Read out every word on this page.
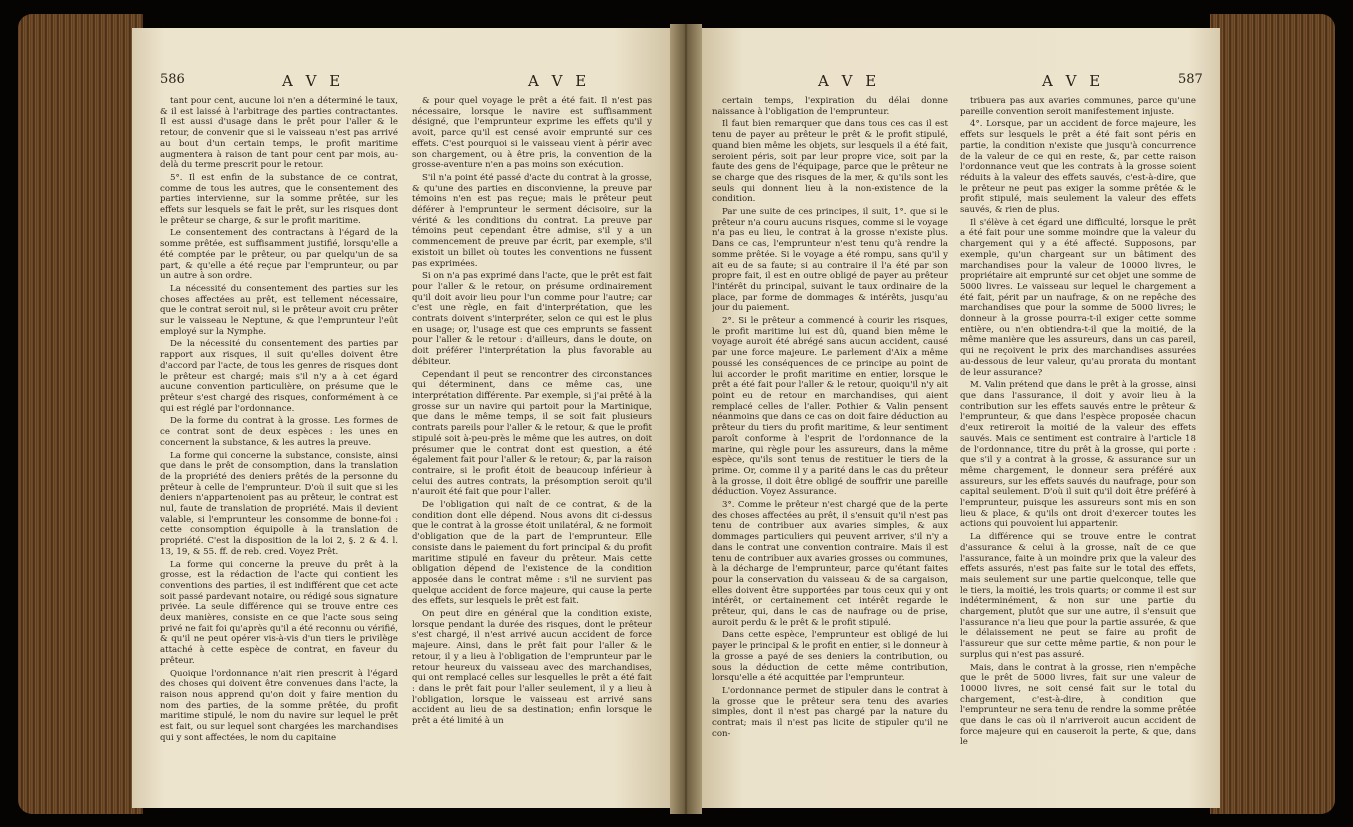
586	A V E	A V E

tant pour cent, aucune loi n'en a déterminé le taux, & il est laissé à l'arbitrage des parties contractantes. Il est aussi d'usage dans le prêt pour l'aller & le retour, de convenir que si le vaisseau n'est pas arrivé au bout d'un certain temps, le profit maritime augmentera à raison de tant pour cent par mois, au-delà du terme prescrit pour le retour.

5°. Il est enfin de la substance de ce contrat, comme de tous les autres, que le consentement des parties intervienne, sur la somme prêtée, sur les effets sur lesquels se fait le prêt, sur les risques dont le prêteur se charge, & sur le profit maritime.

Le consentement des contractans à l'égard de la somme prêtée, est suffisamment justifié, lorsqu'elle a été comptée par le prêteur, ou par quelqu'un de sa part, & qu'elle a été reçue par l'emprunteur, ou par un autre à son ordre.

La nécessité du consentement des parties sur les choses affectées au prêt, est tellement nécessaire, que le contrat seroit nul, si le prêteur avoit cru prêter sur le vaisseau le Neptune, & que l'emprunteur l'eût employé sur la Nymphe.

De la nécessité du consentement des parties par rapport aux risques, il suit qu'elles doivent être d'accord par l'acte, de tous les genres de risques dont le prêteur est chargé; mais s'il n'y a à cet égard aucune convention particulière, on présume que le prêteur s'est chargé des risques, conformément à ce qui est réglé par l'ordonnance.

De la forme du contrat à la grosse. Les formes de ce contrat sont de deux espèces : les unes en concernent la substance, & les autres la preuve.

La forme qui concerne la substance, consiste, ainsi que dans le prêt de consomption, dans la translation de la propriété des deniers prêtés de la personne du prêteur à celle de l'emprunteur. D'où il suit que si les deniers n'appartenoient pas au prêteur, le contrat est nul, faute de translation de propriété. Mais il devient valable, si l'emprunteur les consomme de bonne-foi : cette consomption équipolle à la translation de propriété. C'est la disposition de la loi 2, §. 2 & 4. l. 13, 19, & 55. ff. de reb. cred. Voyez Prêt.

La forme qui concerne la preuve du prêt à la grosse, est la rédaction de l'acte qui contient les conventions des parties, il est indifférent que cet acte soit passé pardevant notaire, ou rédigé sous signature privée. La seule différence qui se trouve entre ces deux manières, consiste en ce que l'acte sous seing privé ne fait foi qu'après qu'il a été reconnu ou vérifié, & qu'il ne peut opérer vis-à-vis d'un tiers le privilège attaché à cette espèce de contrat, en faveur du prêteur.

Quoique l'ordonnance n'ait rien prescrit à l'égard des choses qui doivent être convenues dans l'acte, la raison nous apprend qu'on doit y faire mention du nom des parties, de la somme prêtée, du profit maritime stipulé, le nom du navire sur lequel le prêt est fait, ou sur lequel sont chargées les marchandises qui y sont affectées, le nom du capitaine

& pour quel voyage le prêt a été fait. Il n'est pas nécessaire, lorsque le navire est suffisamment désigné, que l'emprunteur exprime les effets qu'il y avoit, parce qu'il est censé avoir emprunté sur ces effets. C'est pourquoi si le vaisseau vient à périr avec son chargement, ou à être pris, la convention de la grosse-aventure n'en a pas moins son exécution.

S'il n'a point été passé d'acte du contrat à la grosse, & qu'une des parties en disconvienne, la preuve par témoins n'en est pas reçue; mais le prêteur peut déférer à l'emprunteur le serment décisoire, sur la vérité & les conditions du contrat. La preuve par témoins peut cependant être admise, s'il y a un commencement de preuve par écrit, par exemple, s'il existoit un billet où toutes les conventions ne fussent pas exprimées.

Si on n'a pas exprimé dans l'acte, que le prêt est fait pour l'aller & le retour, on présume ordinairement qu'il doit avoir lieu pour l'un comme pour l'autre; car c'est une règle, en fait d'interprétation, que les contrats doivent s'interpréter, selon ce qui est le plus en usage; or, l'usage est que ces emprunts se fassent pour l'aller & le retour : d'ailleurs, dans le doute, on doit préférer l'interprétation la plus favorable au débiteur.

Cependant il peut se rencontrer des circonstances qui déterminent, dans ce même cas, une interprétation différente. Par exemple, si j'ai prêté à la grosse sur un navire qui partoit pour la Martinique, que dans le même temps, il se soit fait plusieurs contrats pareils pour l'aller & le retour, & que le profit stipulé soit à-peu-près le même que les autres, on doit présumer que le contrat dont est question, a été également fait pour l'aller & le retour; &, par la raison contraire, si le profit étoit de beaucoup inférieur à celui des autres contrats, la présomption seroit qu'il n'auroit été fait que pour l'aller.

De l'obligation qui naît de ce contrat, & de la condition dont elle dépend. Nous avons dit ci-dessus que le contrat à la grosse étoit unilatéral, & ne formoit d'obligation que de la part de l'emprunteur. Elle consiste dans le paiement du fort principal & du profit maritime stipulé en faveur du prêteur. Mais cette obligation dépend de l'existence de la condition apposée dans le contrat même : s'il ne survient pas quelque accident de force majeure, qui cause la perte des effets, sur lesquels le prêt est fait.

On peut dire en général que la condition existe, lorsque pendant la durée des risques, dont le prêteur s'est chargé, il n'est arrivé aucun accident de force majeure. Ainsi, dans le prêt fait pour l'aller & le retour, il y a lieu à l'obligation de l'emprunteur par le retour heureux du vaisseau avec des marchandises, qui ont remplacé celles sur lesquelles le prêt a été fait : dans le prêt fait pour l'aller seulement, il y a lieu à l'obligation, lorsque le vaisseau est arrivé sans accident au lieu de sa destination; enfin lorsque le prêt a été limité à un

A V E	A V E	587

certain temps, l'expiration du délai donne naissance à l'obligation de l'emprunteur.

Il faut bien remarquer que dans tous ces cas il est tenu de payer au prêteur le prêt & le profit stipulé, quand bien même les objets, sur lesquels il a été fait, seroient péris, soit par leur propre vice, soit par la faute des gens de l'équipage, parce que le prêteur ne se charge que des risques de la mer, & qu'ils sont les seuls qui donnent lieu à la non-existence de la condition.

Par une suite de ces principes, il suit, 1°. que si le prêteur n'a couru aucuns risques, comme si le voyage n'a pas eu lieu, le contrat à la grosse n'existe plus. Dans ce cas, l'emprunteur n'est tenu qu'à rendre la somme prêtée. Si le voyage a été rompu, sans qu'il y ait eu de sa faute; si au contraire il l'a été par son propre fait, il est en outre obligé de payer au prêteur l'intérêt du principal, suivant le taux ordinaire de la place, par forme de dommages & intérêts, jusqu'au jour du paiement.

2°. Si le prêteur a commencé à courir les risques, le profit maritime lui est dû, quand bien même le voyage auroit été abrégé sans aucun accident, causé par une force majeure. Le parlement d'Aix a même poussé les conséquences de ce principe au point de lui accorder le profit maritime en entier, lorsque le prêt a été fait pour l'aller & le retour, quoiqu'il n'y ait point eu de retour en marchandises, qui aient remplacé celles de l'aller. Pothier & Valin pensent néanmoins que dans ce cas on doit faire déduction au prêteur du tiers du profit maritime, & leur sentiment paroît conforme à l'esprit de l'ordonnance de la marine, qui règle pour les assureurs, dans la même espèce, qu'ils sont tenus de restituer le tiers de la prime. Or, comme il y a parité dans le cas du prêteur à la grosse, il doit être obligé de souffrir une pareille déduction. Voyez Assurance.

3°. Comme le prêteur n'est chargé que de la perte des choses affectées au prêt, il s'ensuit qu'il n'est pas tenu de contribuer aux avaries simples, & aux dommages particuliers qui peuvent arriver, s'il n'y a dans le contrat une convention contraire. Mais il est tenu de contribuer aux avaries grosses ou communes, à la décharge de l'emprunteur, parce qu'étant faites pour la conservation du vaisseau & de sa cargaison, elles doivent être supportées par tous ceux qui y ont intérêt, or certainement cet intérêt regarde le prêteur, qui, dans le cas de naufrage ou de prise, auroit perdu & le prêt & le profit stipulé.

Dans cette espèce, l'emprunteur est obligé de lui payer le principal & le profit en entier, si le donneur à la grosse a payé de ses deniers la contribution, ou sous la déduction de cette même contribution, lorsqu'elle a été acquittée par l'emprunteur.

L'ordonnance permet de stipuler dans le contrat à la grosse que le prêteur sera tenu des avaries simples, dont il n'est pas chargé par la nature du contrat; mais il n'est pas licite de stipuler qu'il ne con-

tribuera pas aux avaries communes, parce qu'une pareille convention seroit manifestement injuste.

4°. Lorsque, par un accident de force majeure, les effets sur lesquels le prêt a été fait sont péris en partie, la condition n'existe que jusqu'à concurrence de la valeur de ce qui en reste, &, par cette raison l'ordonnance veut que les contrats à la grosse soient réduits à la valeur des effets sauvés, c'est-à-dire, que le prêteur ne peut pas exiger la somme prêtée & le profit stipulé, mais seulement la valeur des effets sauvés, & rien de plus.

Il s'élève à cet égard une difficulté, lorsque le prêt a été fait pour une somme moindre que la valeur du chargement qui y a été affecté. Supposons, par exemple, qu'un chargeant sur un bâtiment des marchandises pour la valeur de 10000 livres, le propriétaire ait emprunté sur cet objet une somme de 5000 livres. Le vaisseau sur lequel le chargement a été fait, périt par un naufrage, & on ne repêche des marchandises que pour la somme de 5000 livres; le donneur à la grosse pourra-t-il exiger cette somme entière, ou n'en obtiendra-t-il que la moitié, de la même manière que les assureurs, dans un cas pareil, qui ne reçoivent le prix des marchandises assurées au-dessous de leur valeur, qu'au prorata du montant de leur assurance?

M. Valin prétend que dans le prêt à la grosse, ainsi que dans l'assurance, il doit y avoir lieu à la contribution sur les effets sauvés entre le prêteur & l'emprunteur, & que dans l'espèce proposée chacun d'eux retireroit la moitié de la valeur des effets sauvés. Mais ce sentiment est contraire à l'article 18 de l'ordonnance, titre du prêt à la grosse, qui porte : que s'il y a contrat à la grosse, & assurance sur un même chargement, le donneur sera préféré aux assureurs, sur les effets sauvés du naufrage, pour son capital seulement. D'où il suit qu'il doit être préféré à l'emprunteur, puisque les assureurs sont mis en son lieu & place, & qu'ils ont droit d'exercer toutes les actions qui pouvoient lui appartenir.

La différence qui se trouve entre le contrat d'assurance & celui à la grosse, naît de ce que l'assurance, faite à un moindre prix que la valeur des effets assurés, n'est pas faite sur le total des effets, mais seulement sur une partie quelconque, telle que le tiers, la moitié, les trois quarts; or comme il est sur indéterminément, & non sur une partie du chargement, plutôt que sur une autre, il s'ensuit que l'assurance n'a lieu que pour la partie assurée, & que le délaissement ne peut se faire au profit de l'assureur que sur cette même partie, & non pour le surplus qui n'est pas assuré.

Mais, dans le contrat à la grosse, rien n'empêche que le prêt de 5000 livres, fait sur une valeur de 10000 livres, ne soit censé fait sur le total du chargement, c'est-à-dire, à condition que l'emprunteur ne sera tenu de rendre la somme prêtée que dans le cas où il n'arriveroit aucun accident de force majeure qui en causeroit la perte, & que, dans le
